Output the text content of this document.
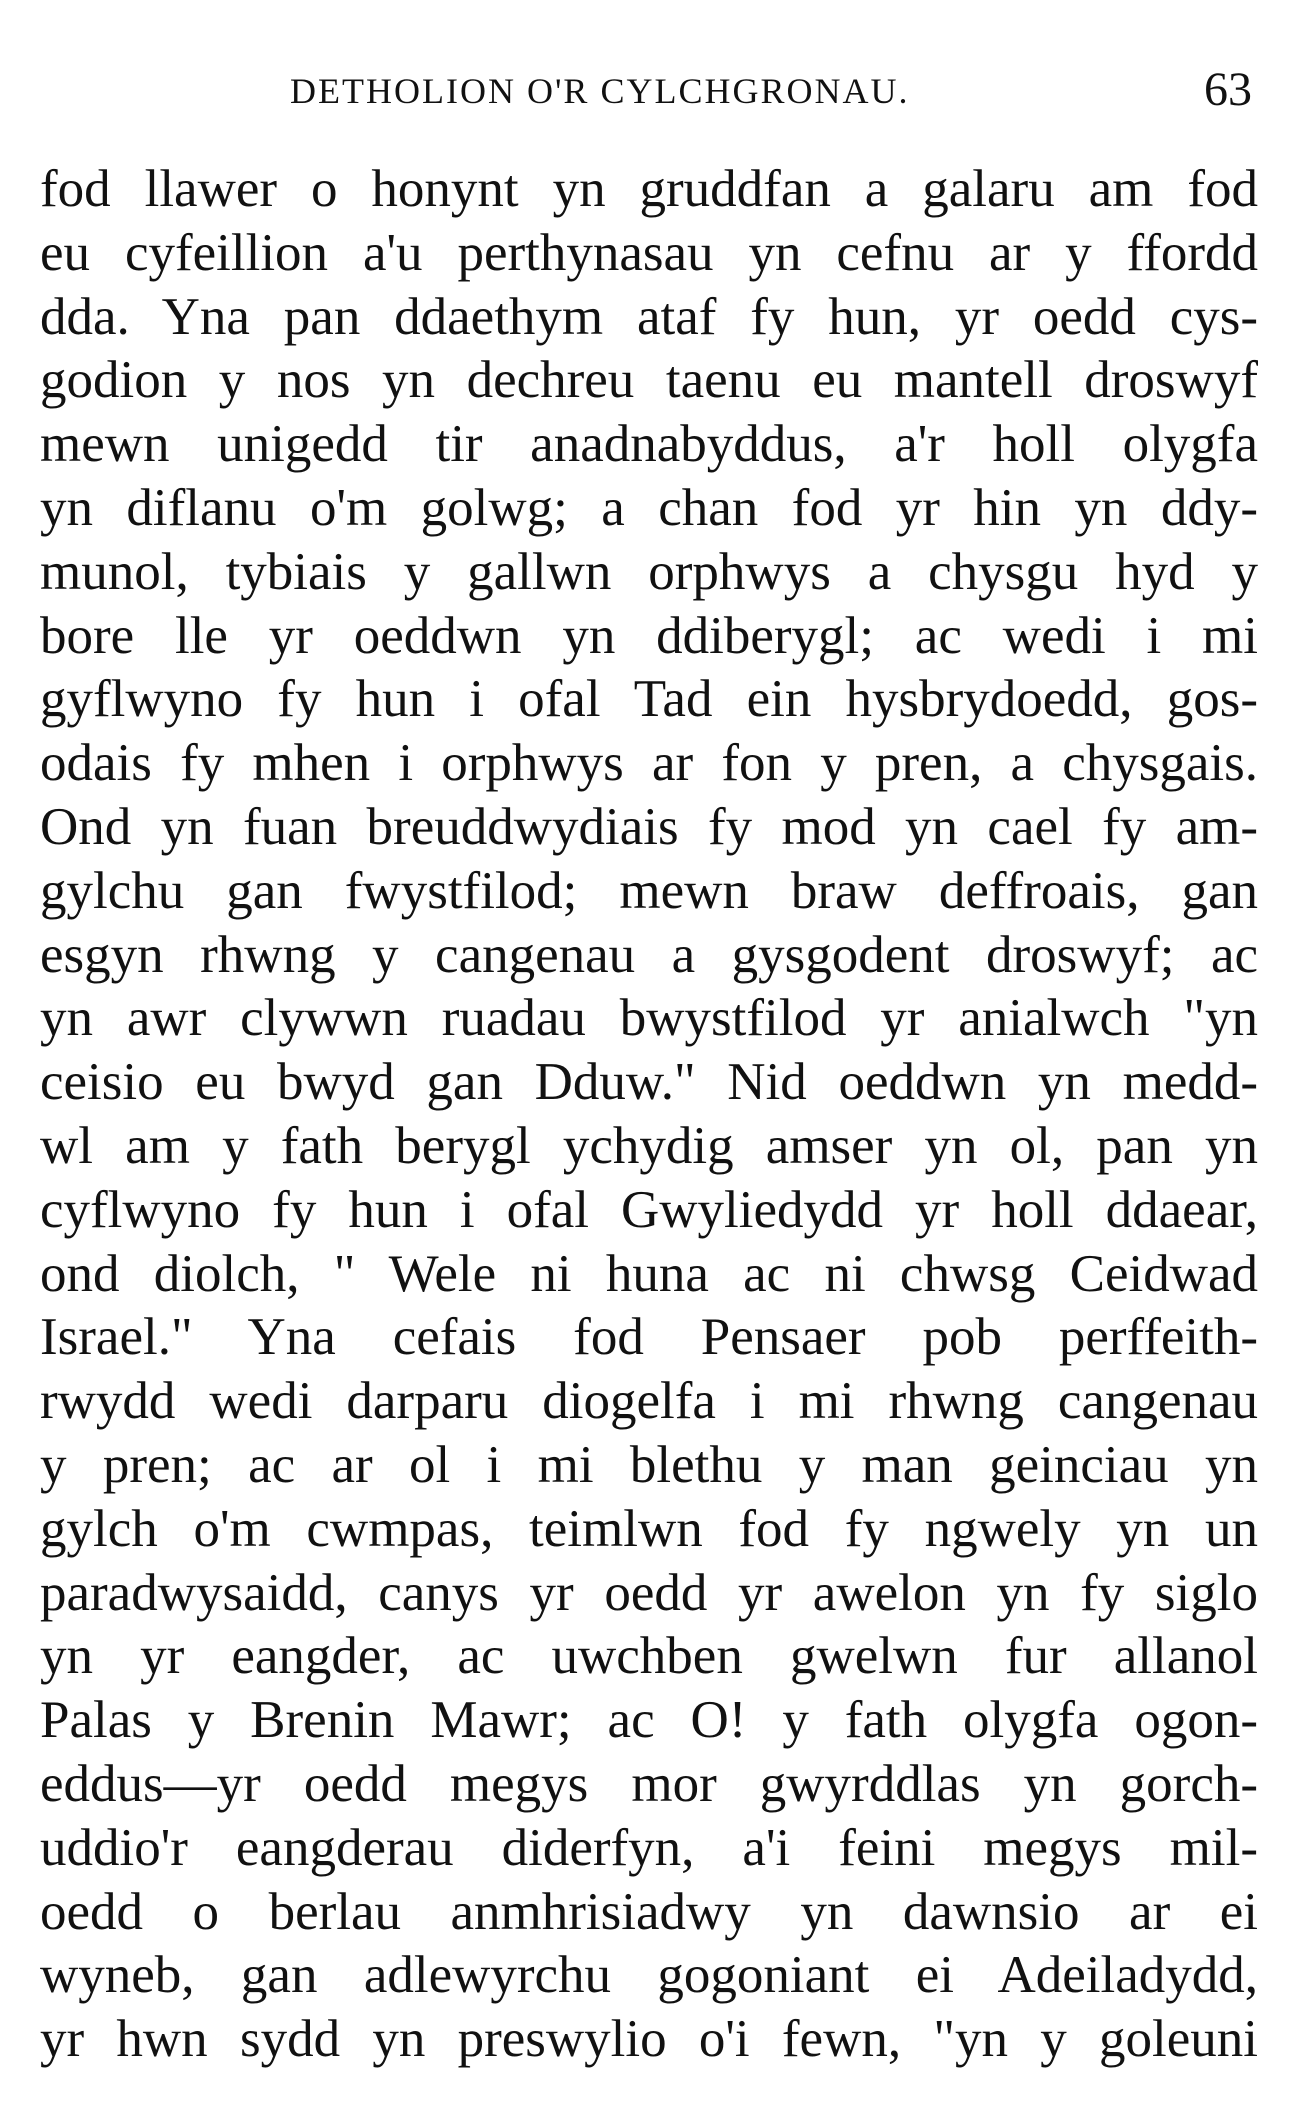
DETHOLION O'R CYLCHGRONAU.	63
fod llawer o honynt yn gruddfan a galaru am fod
eu cyfeillion a'u perthynasau yn cefnu ar y ffordd
dda. Yna pan ddaethym ataf fy hun, yr oedd cys-
godion y nos yn dechreu taenu eu mantell droswyf
mewn unigedd tir anadnabyddus, a'r holl olygfa
yn diflanu o'm golwg; a chan fod yr hin yn ddy-
munol, tybiais y gallwn orphwys a chysgu hyd y
bore lle yr oeddwn yn ddiberygl; ac wedi i mi
gyflwyno fy hun i ofal Tad ein hysbrydoedd, gos-
odais fy mhen i orphwys ar fon y pren, a chysgais.
Ond yn fuan breuddwydiais fy mod yn cael fy am-
gylchu gan fwystfilod; mewn braw deffroais, gan
esgyn rhwng y cangenau a gysgodent droswyf; ac
yn awr clywwn ruadau bwystfilod yr anialwch "yn
ceisio eu bwyd gan Dduw." Nid oeddwn yn medd-
wl am y fath berygl ychydig amser yn ol, pan yn
cyflwyno fy hun i ofal Gwyliedydd yr holl ddaear,
ond diolch, " Wele ni huna ac ni chwsg Ceidwad
Israel." Yna cefais fod Pensaer pob perffeith-
rwydd wedi darparu diogelfa i mi rhwng cangenau
y pren; ac ar ol i mi blethu y man geinciau yn
gylch o'm cwmpas, teimlwn fod fy ngwely yn un
paradwysaidd, canys yr oedd yr awelon yn fy siglo
yn yr eangder, ac uwchben gwelwn fur allanol
Palas y Brenin Mawr; ac O! y fath olygfa ogon-
eddus—yr oedd megys mor gwyrddlas yn gorch-
uddio'r eangderau diderfyn, a'i feini megys mil-
oedd o berlau anmhrisiadwy yn dawnsio ar ei
wyneb, gan adlewyrchu gogoniant ei Adeiladydd,
yr hwn sydd yn preswylio o'i fewn, "yn y goleuni
